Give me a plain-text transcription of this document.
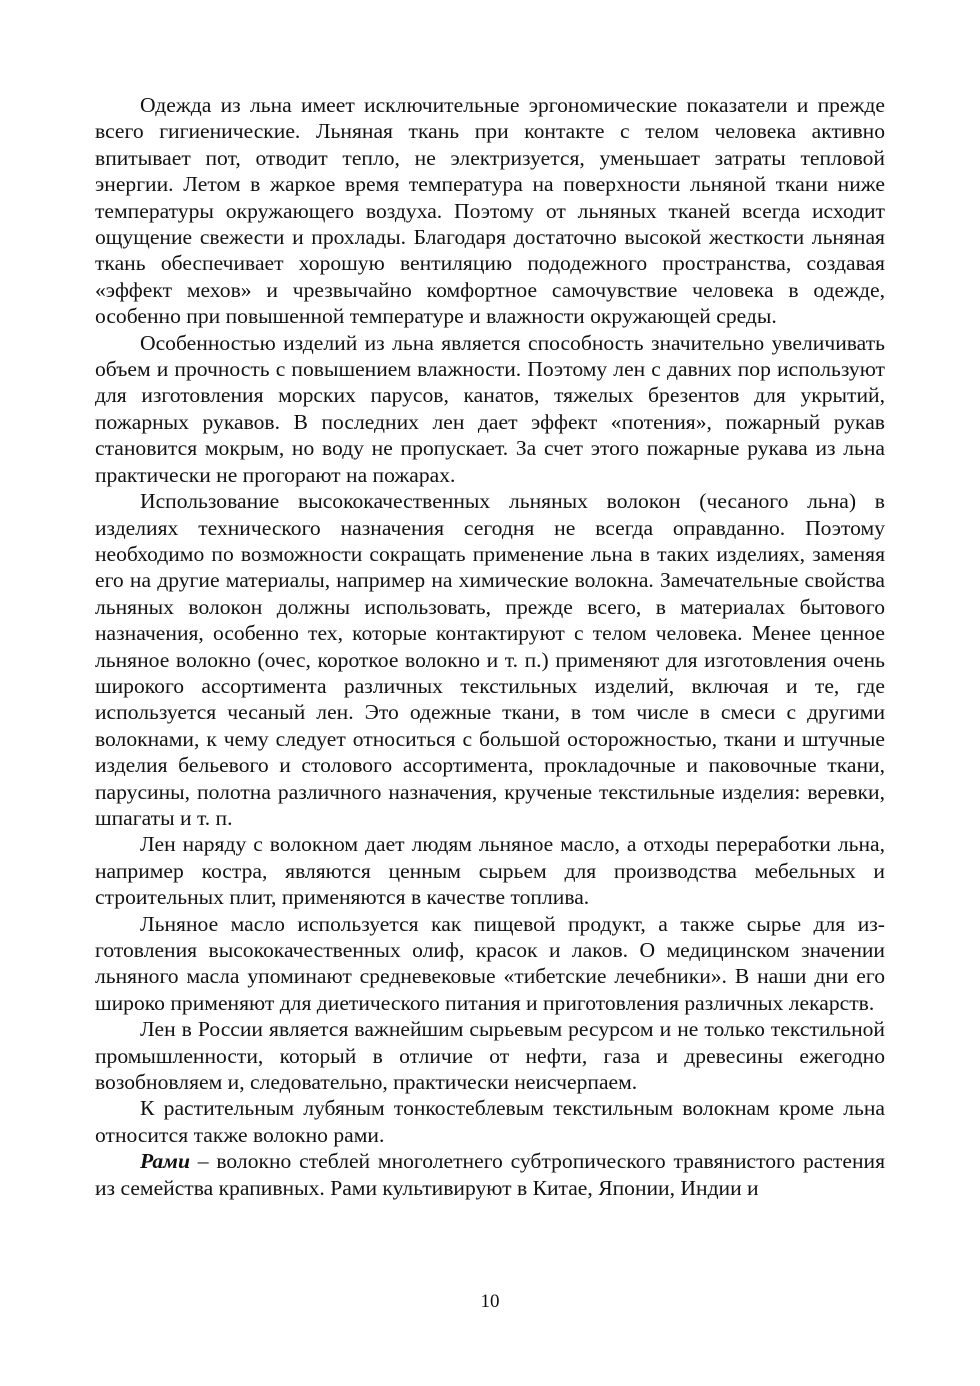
Одежда из льна имеет исключительные эргономические показатели и прежде всего гигиенические. Льняная ткань при контакте с телом человека активно впитывает пот, отводит тепло, не электризуется, уменьшает затраты тепловой энергии. Летом в жаркое время температура на поверхности льняной ткани ниже температуры окружающего воздуха. Поэтому от льняных тканей всегда исходит ощущение свежести и прохлады. Благодаря достаточно высокой жесткости льняная ткань обеспечивает хорошую вентиляцию пододежного пространства, создавая «эффект мехов» и чрезвычайно комфортное самочувствие человека в одежде, особенно при повышенной температуре и влажности окружающей среды.

Особенностью изделий из льна является способность значительно увеличивать объем и прочность с повышением влажности. Поэтому лен с давних пор используют для изготовления морских парусов, канатов, тяжелых брезентов для укрытий, пожарных рукавов. В последних лен дает эффект «потения», пожарный рукав становится мокрым, но воду не пропускает. За счет этого пожарные рукава из льна практически не прогорают на пожарах.

Использование высококачественных льняных волокон (чесаного льна) в изделиях технического назначения сегодня не всегда оправданно. Поэтому необходимо по возможности сокращать применение льна в таких изделиях, заменяя его на другие материалы, например на химические волокна. Замечательные свойства льняных волокон должны использовать, прежде всего, в материалах бытового назначения, особенно тех, которые контактируют с телом человека. Менее ценное льняное волокно (очес, короткое волокно и т. п.) применяют для изготовления очень широкого ассортимента различных текстильных изделий, включая и те, где используется чесаный лен. Это одежные ткани, в том числе в смеси с другими волокнами, к чему следует относиться с большой осторожностью, ткани и штучные изделия бельевого и столового ассортимента, прокладочные и паковочные ткани, парусины, полотна различного назначения, крученые текстильные изделия: веревки, шпагаты и т. п.

Лен наряду с волокном дает людям льняное масло, а отходы переработки льна, например костра, являются ценным сырьем для производства мебельных и строительных плит, применяются в качестве топлива.

Льняное масло используется как пищевой продукт, а также сырье для изготовления высококачественных олиф, красок и лаков. О медицинском значении льняного масла упоминают средневековые «тибетские лечебники». В наши дни его широко применяют для диетического питания и приготовления различных лекарств.

Лен в России является важнейшим сырьевым ресурсом и не только текстильной промышленности, который в отличие от нефти, газа и древесины ежегодно возобновляем и, следовательно, практически неисчерпаем.

К растительным лубяным тонкостеблевым текстильным волокнам кроме льна относится также волокно рами.

Рами – волокно стеблей многолетнего субтропического травянистого растения из семейства крапивных. Рами культивируют в Китае, Японии, Индии и

10
